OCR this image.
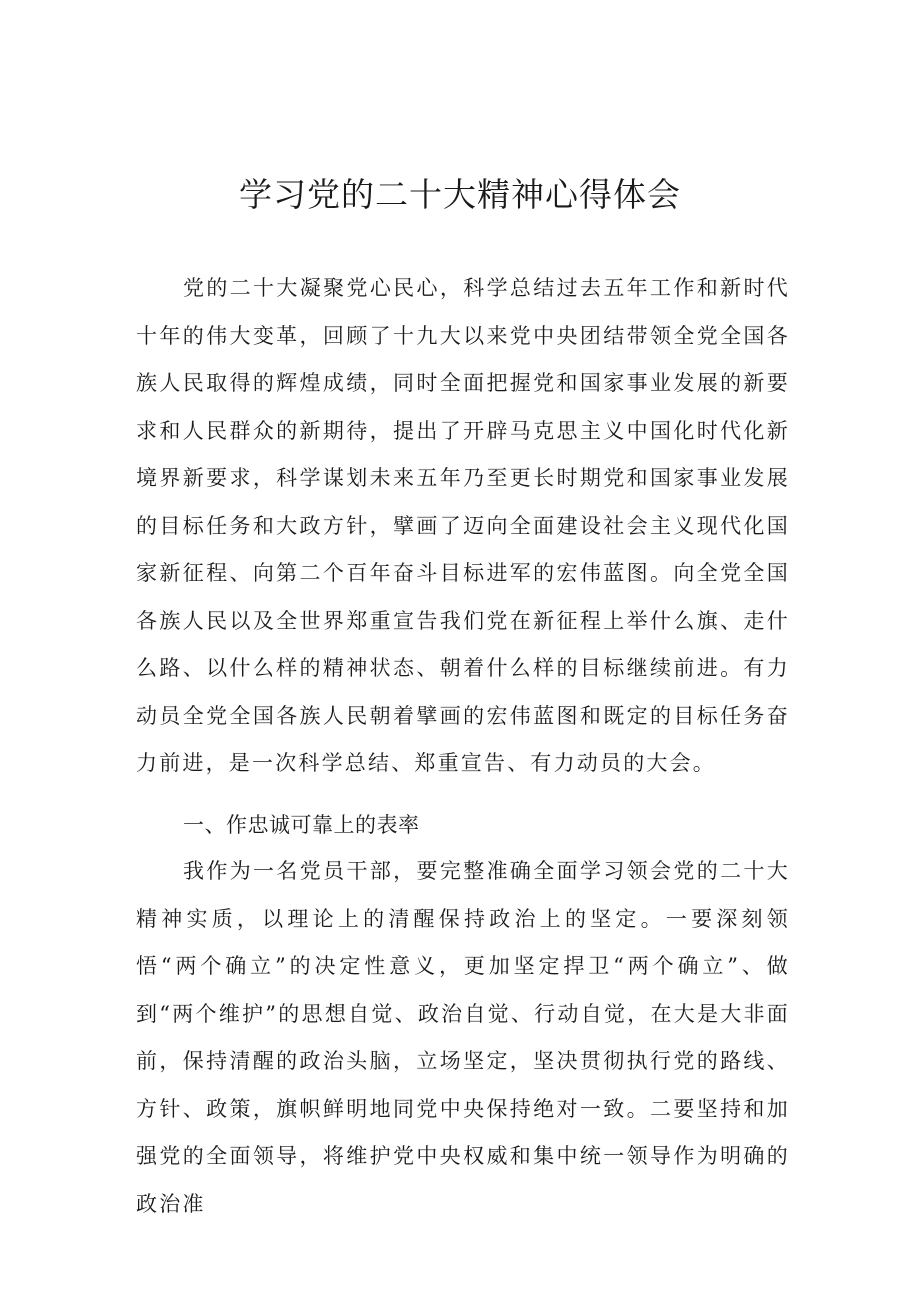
学习党的二十大精神心得体会

党的二十大凝聚党心民心，科学总结过去五年工作和新时代十年的伟大变革，回顾了十九大以来党中央团结带领全党全国各族人民取得的辉煌成绩，同时全面把握党和国家事业发展的新要求和人民群众的新期待，提出了开辟马克思主义中国化时代化新境界新要求，科学谋划未来五年乃至更长时期党和国家事业发展的目标任务和大政方针，擘画了迈向全面建设社会主义现代化国家新征程、向第二个百年奋斗目标进军的宏伟蓝图。向全党全国各族人民以及全世界郑重宣告我们党在新征程上举什么旗、走什么路、以什么样的精神状态、朝着什么样的目标继续前进。有力动员全党全国各族人民朝着擘画的宏伟蓝图和既定的目标任务奋力前进，是一次科学总结、郑重宣告、有力动员的大会。

一、作忠诚可靠上的表率

我作为一名党员干部，要完整准确全面学习领会党的二十大精神实质，以理论上的清醒保持政治上的坚定。一要深刻领悟“两个确立”的决定性意义，更加坚定捍卫“两个确立”、做到“两个维护”的思想自觉、政治自觉、行动自觉，在大是大非面前，保持清醒的政治头脑，立场坚定，坚决贯彻执行党的路线、方针、政策，旗帜鲜明地同党中央保持绝对一致。二要坚持和加强党的全面领导，将维护党中央权威和集中统一领导作为明确的政治准
